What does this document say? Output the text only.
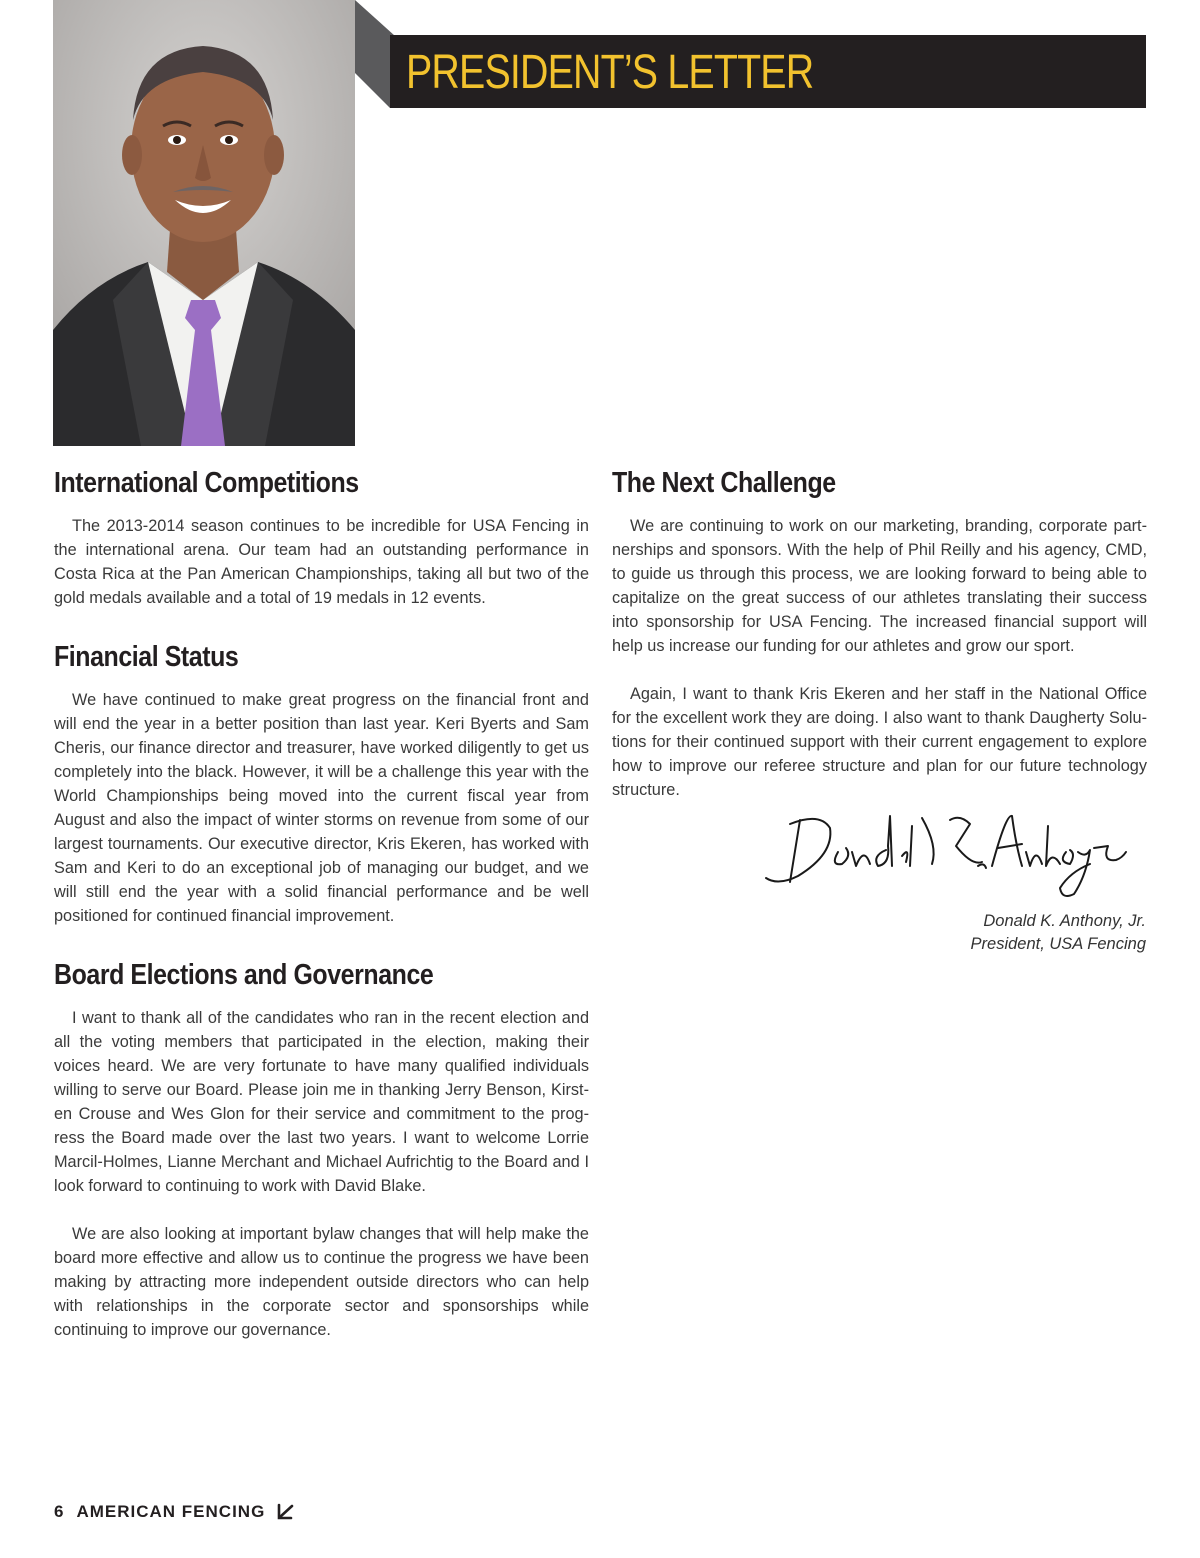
PRESIDENT’S LETTER
International Competitions

The 2013-2014 season continues to be incredible for USA Fencing in the international arena. Our team had an outstanding performance in Costa Rica at the Pan American Championships, taking all but two of the gold medals available and a total of 19 medals in 12 events.

Financial Status

We have continued to make great progress on the financial front and will end the year in a better position than last year. Keri Byerts and Sam Cheris, our finance director and treasurer, have worked diligently to get us completely into the black. However, it will be a challenge this year with the World Championships being moved into the current fiscal year from August and also the impact of winter storms on revenue from some of our largest tournaments. Our executive director, Kris Ekeren, has worked with Sam and Keri to do an exceptional job of managing our budget, and we will still end the year with a solid financial performance and be well positioned for continued financial improvement.

Board Elections and Governance

I want to thank all of the candidates who ran in the recent election and all the voting members that participated in the election, making their voices heard. We are very fortunate to have many qualified individuals willing to serve our Board. Please join me in thanking Jerry Benson, Kirst-en Crouse and Wes Glon for their service and commitment to the prog-ress the Board made over the last two years. I want to welcome Lorrie Marcil-Holmes, Lianne Merchant and Michael Aufrichtig to the Board and I look forward to continuing to work with David Blake.

We are also looking at important bylaw changes that will help make the board more effective and allow us to continue the progress we have been making by attracting more independent outside directors who can help with relationships in the corporate sector and sponsorships while continuing to improve our governance.

The Next Challenge

We are continuing to work on our marketing, branding, corporate part-nerships and sponsors. With the help of Phil Reilly and his agency, CMD, to guide us through this process, we are looking forward to being able to capitalize on the great success of our athletes translating their success into sponsorship for USA Fencing. The increased financial support will help us increase our funding for our athletes and grow our sport.

Again, I want to thank Kris Ekeren and her staff in the National Office for the excellent work they are doing. I also want to thank Daugherty Solu-tions for their continued support with their current engagement to explore how to improve our referee structure and plan for our future technology structure.

Donald K. Anthony, Jr.
President, USA Fencing
6 AMERICAN FENCING
